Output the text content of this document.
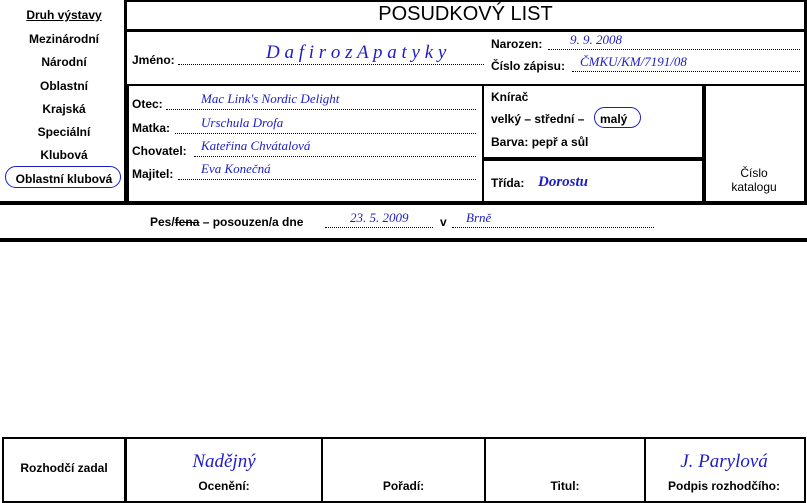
POSUDKOVÝ LIST
Druh výstavy
Mezinárodní
Národní
Oblastní
Krajská
Speciální
Klubová
Oblastní klubová
Jméno:	D a f i r o z A p a t y k y	Narozen: 9. 9. 2008
Číslo zápisu: ČMKU/KM/7191/08
Otec:	Mac Link's Nordic Delight
Matka: Urschula Drofa
Chovatel: Kateřina Chvátalová
Majitel: Eva Konečná
Knírač
velký – střední – malý
Barva: pepř a sůl
Třída: Dorostu
Číslo
katalogu
Pes/fena – posouzen/a dne	23. 5. 2009	v Brně
Rozhodčí zadal	Nadějný
Ocenění:	Pořadí:	Titul:
J. Parylová
Podpis rozhodčího:
